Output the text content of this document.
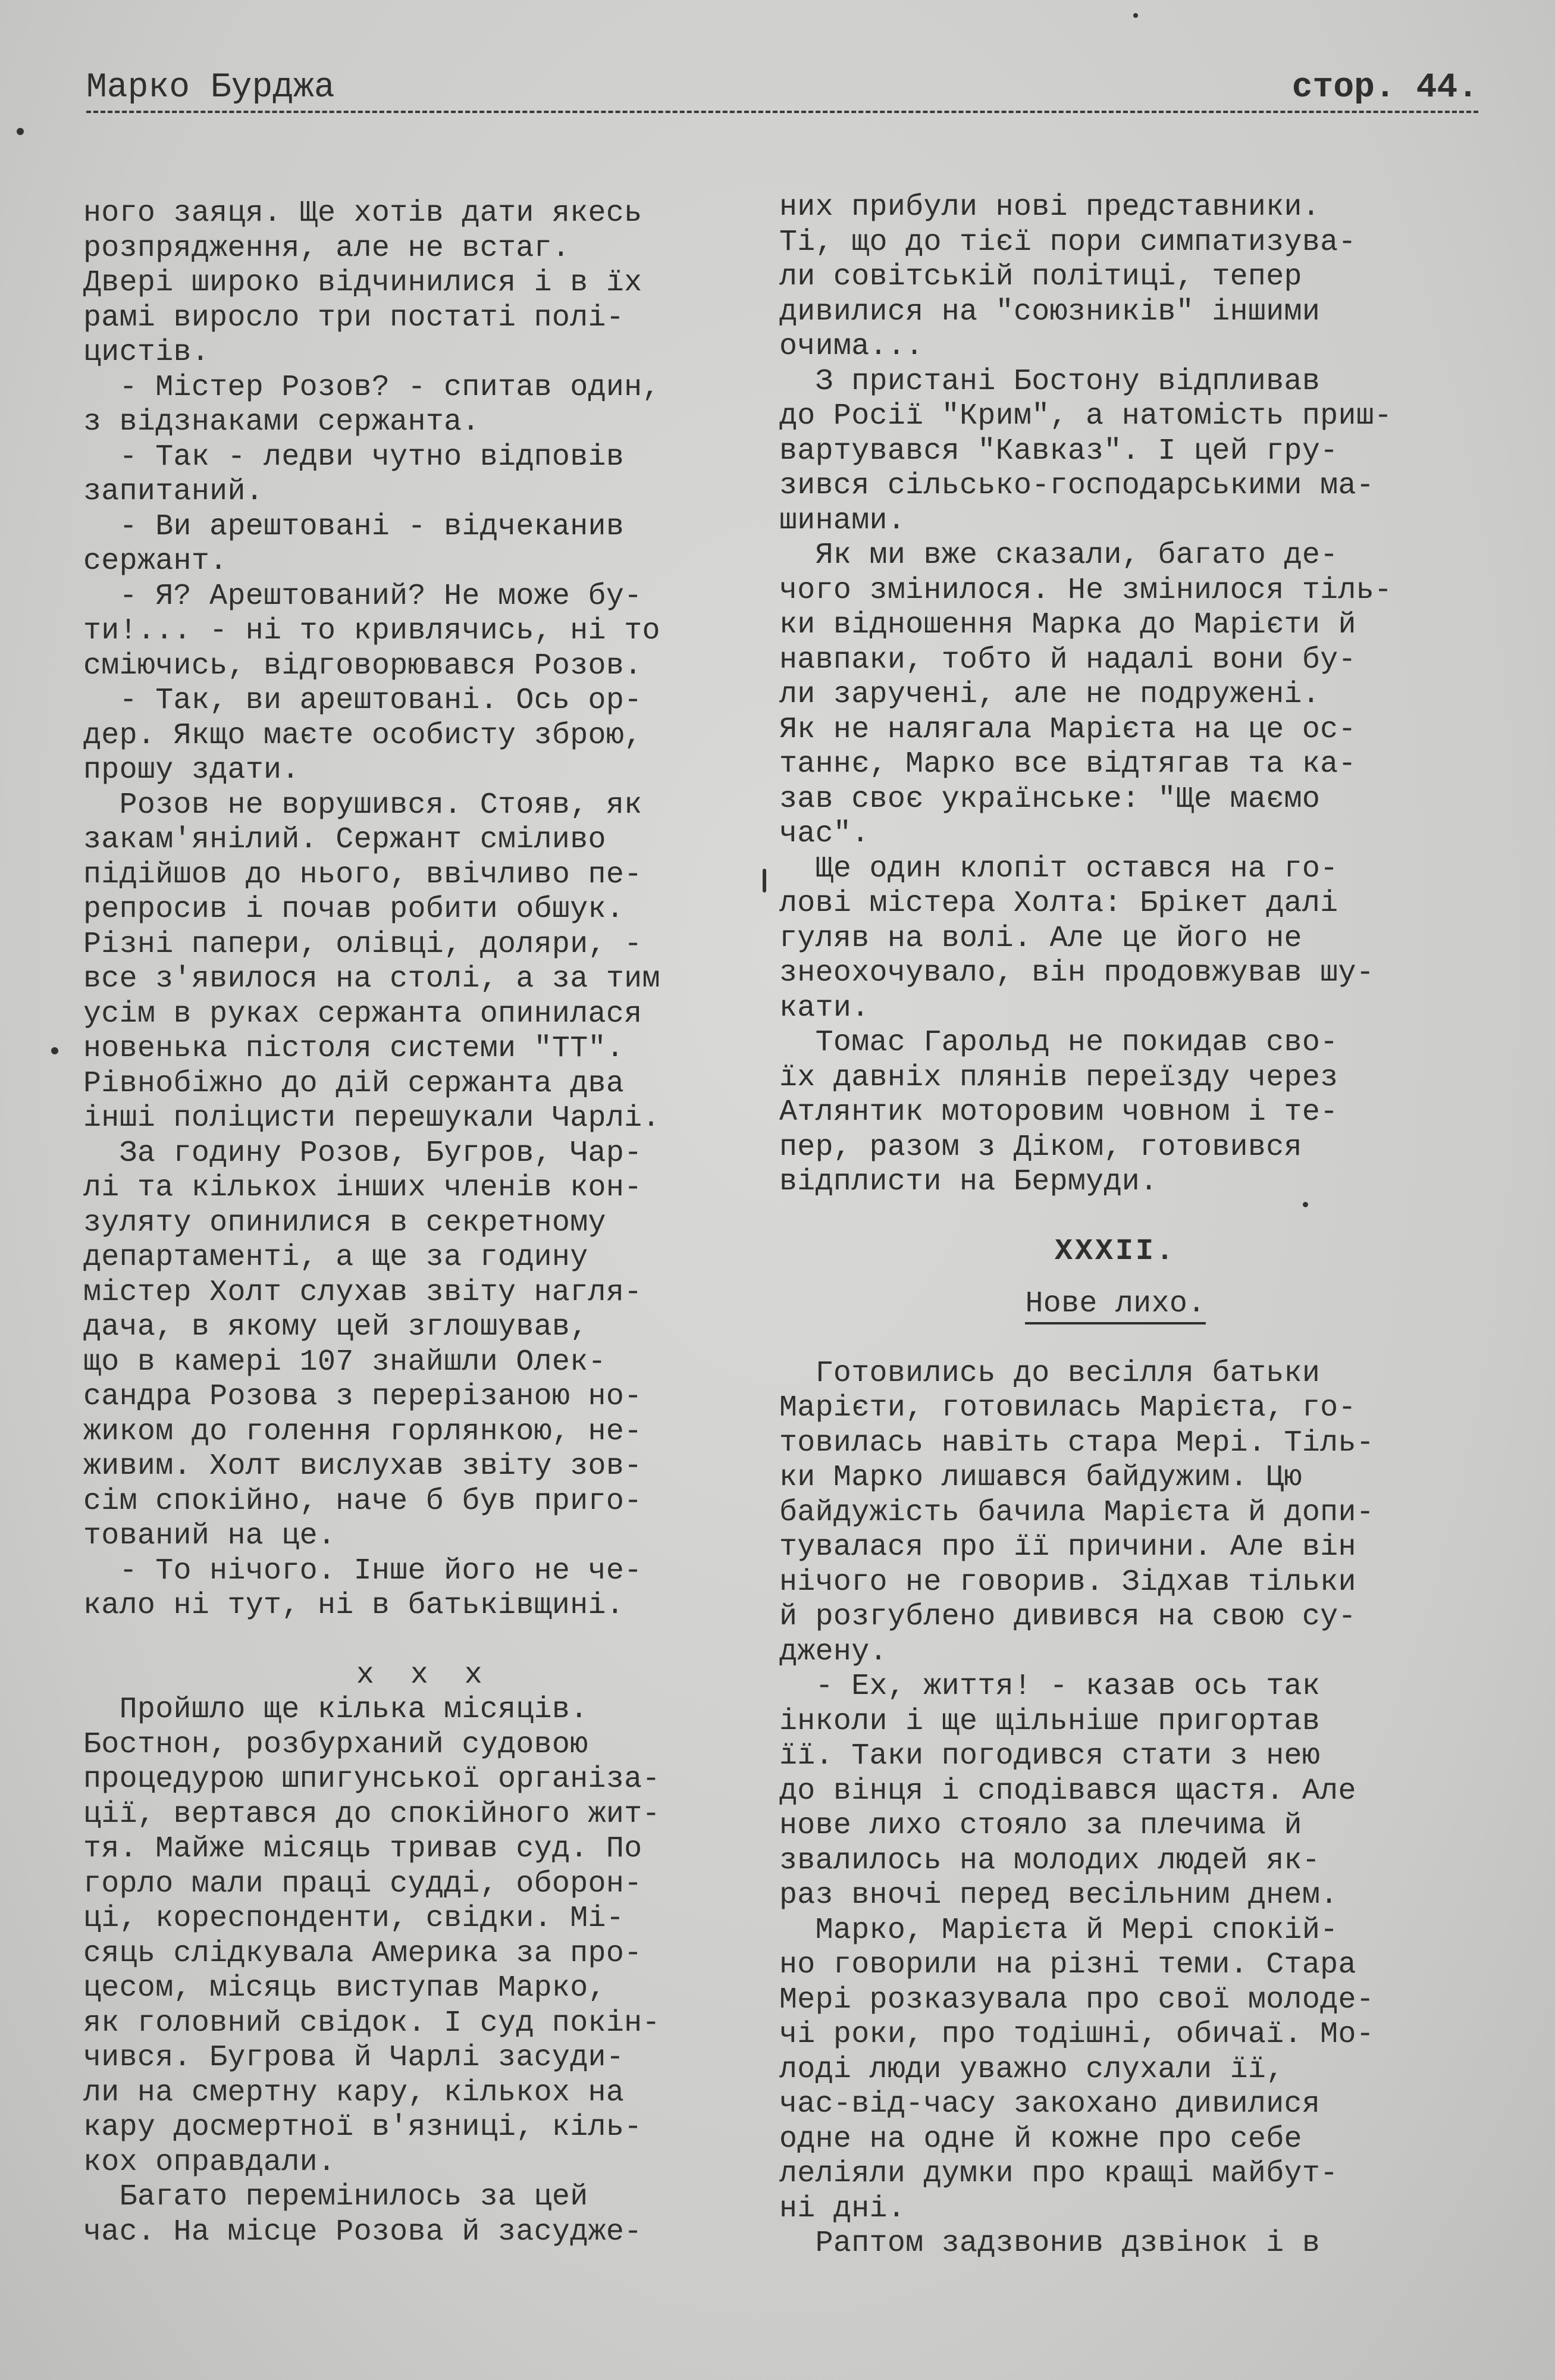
Марко Бурджа	стор. 44.
ного заяця. Ще хотів дати якесь
розпрядження, але не встаг.
Двері широко відчинилися і в їх
рамі виросло три постаті полі-
цистів.
- Містер Розов? - спитав один,
з відзнаками сержанта.
- Так - ледви чутно відповів
запитаний.
- Ви арештовані - відчеканив
сержант.
- Я? Арештований? Не може бу-
ти!... - ні то кривлячись, ні то
сміючись, відговорювався Розов.
- Так, ви арештовані. Ось ор-
дер. Якщо маєте особисту зброю,
прошу здати.
Розов не ворушився. Стояв, як
закам'янілий. Сержант сміливо
підійшов до нього, ввічливо пе-
репросив і почав робити обшук.
Різні папери, олівці, доляри, -
все з'явилося на столі, а за тим
усім в руках сержанта опинилася
новенька пістоля системи "ТТ".
Рівнобіжно до дій сержанта два
інші поліцисти перешукали Чарлі.
За годину Розов, Бугров, Чар-
лі та кількох інших членів кон-
зуляту опинилися в секретному
департаменті, а ще за годину
містер Холт слухав звіту нагля-
дача, в якому цей зглошував,
що в камері 107 знайшли Олек-
сандра Розова з перерізаною но-
жиком до голення горлянкою, не-
живим. Холт вислухав звіту зов-
сім спокійно, наче б був приго-
тований на це.
- То нічого. Інше його не че-
кало ні тут, ні в батьківщині.
x  x  x
Пройшло ще кілька місяців.
Бостнон, розбурханий судовою
процедурою шпигунської організа-
ції, вертався до спокійного жит-
тя. Майже місяць тривав суд. По
горло мали праці судді, оборон-
ці, кореспонденти, свідки. Мі-
сяць слідкувала Америка за про-
цесом, місяць виступав Марко,
як головний свідок. І суд покін-
чився. Бугрова й Чарлі засуди-
ли на смертну кару, кількох на
кару досмертної в'язниці, кіль-
кох оправдали.
Багато перемінилось за цей
час. На місце Розова й засудже-
них прибули нові представники.
Ті, що до тієї пори симпатизува-
ли совітській політиці, тепер
дивилися на "союзників" іншими
очима...
З пристані Бостону відпливав
до Росії "Крим", а натомість приш-
вартувався "Кавказ". І цей гру-
зився сільсько-господарськими ма-
шинами.
Як ми вже сказали, багато де-
чого змінилося. Не змінилося тіль-
ки відношення Марка до Марієти й
навпаки, тобто й надалі вони бу-
ли заручені, але не подружені.
Як не налягала Марієта на це ос-
таннє, Марко все відтягав та ка-
зав своє українське: "Ще маємо
час".
Ще один клопіт остався на го-
лові містера Холта: Брікет далі
гуляв на волі. Але це його не
знеохочувало, він продовжував шу-
кати.
Томас Гарольд не покидав сво-
їх давніх плянів переїзду через
Атлянтик моторовим човном і те-
пер, разом з Діком, готовився
відплисти на Бермуди.
XXXII.
Нове лихо.
Готовились до весілля батьки
Марієти, готовилась Марієта, го-
товилась навіть стара Мері. Тіль-
ки Марко лишався байдужим. Цю
байдужість бачила Марієта й допи-
тувалася про її причини. Але він
нічого не говорив. Зідхав тільки
й розгублено дивився на свою су-
джену.
- Ех, життя! - казав ось так
інколи і ще щільніше пригортав
її. Таки погодився стати з нею
до вінця і сподівався щастя. Але
нове лихо стояло за плечима й
звалилось на молодих людей як-
раз вночі перед весільним днем.
Марко, Марієта й Мері спокій-
но говорили на різні теми. Стара
Мері розказувала про свої молоде-
чі роки, про тодішні, обичаї. Мо-
лоді люди уважно слухали її,
час-від-часу закохано дивилися
одне на одне й кожне про себе
леліяли думки про кращі майбут-
ні дні.
Раптом задзвонив дзвінок і в
